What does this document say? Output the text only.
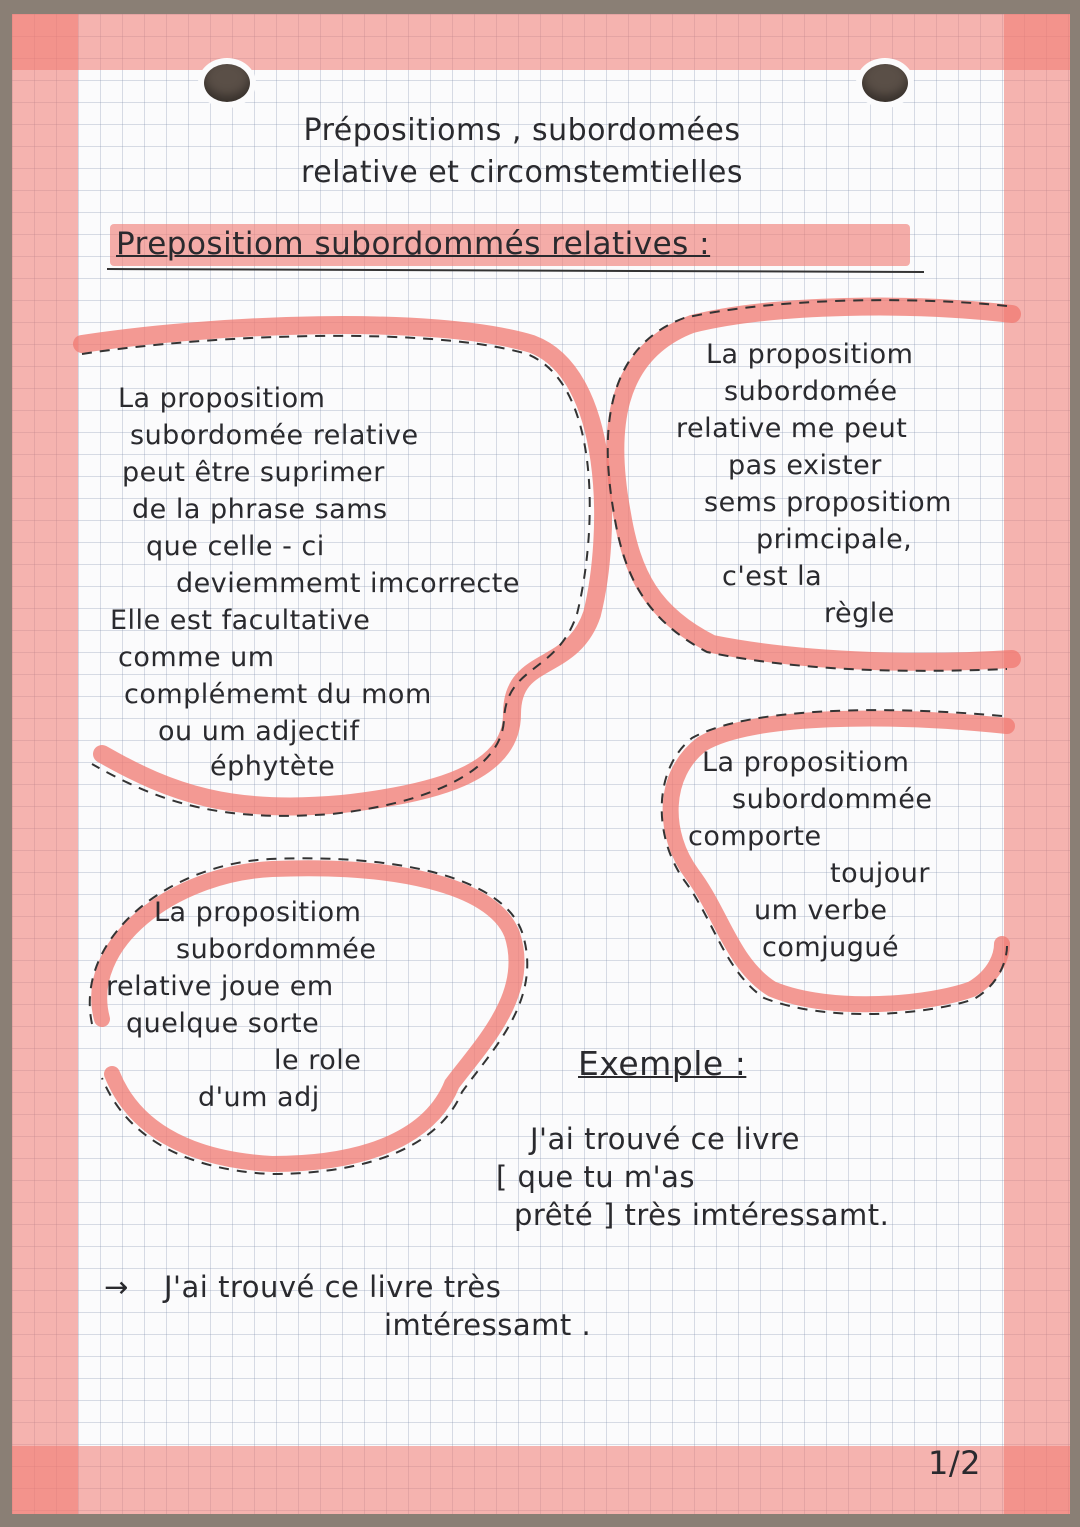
Prépositioms , subordomées
relative et circomstemtielles
Prepositiom subordommés relatives :
La propositiom
subordomée relative
peut être suprimer
de la phrase sams
que celle - ci
deviemmemt imcorrecte
Elle est facultative
comme um
complémemt du mom
ou um adjectif
éphytète
La propositiom
subordomée
relative me peut
pas exister
sems propositiom
primcipale,
c'est la
règle
La propositiom
subordommée
comporte
toujour
um verbe
comjugué
La propositiom
subordommée
relative joue em
quelque sorte
le role
d'um adj
Exemple :
J'ai trouvé ce livre
[ que tu m'as
prêté ] très imtéressamt.
→ J'ai trouvé ce livre très
imtéressamt .
1/2
